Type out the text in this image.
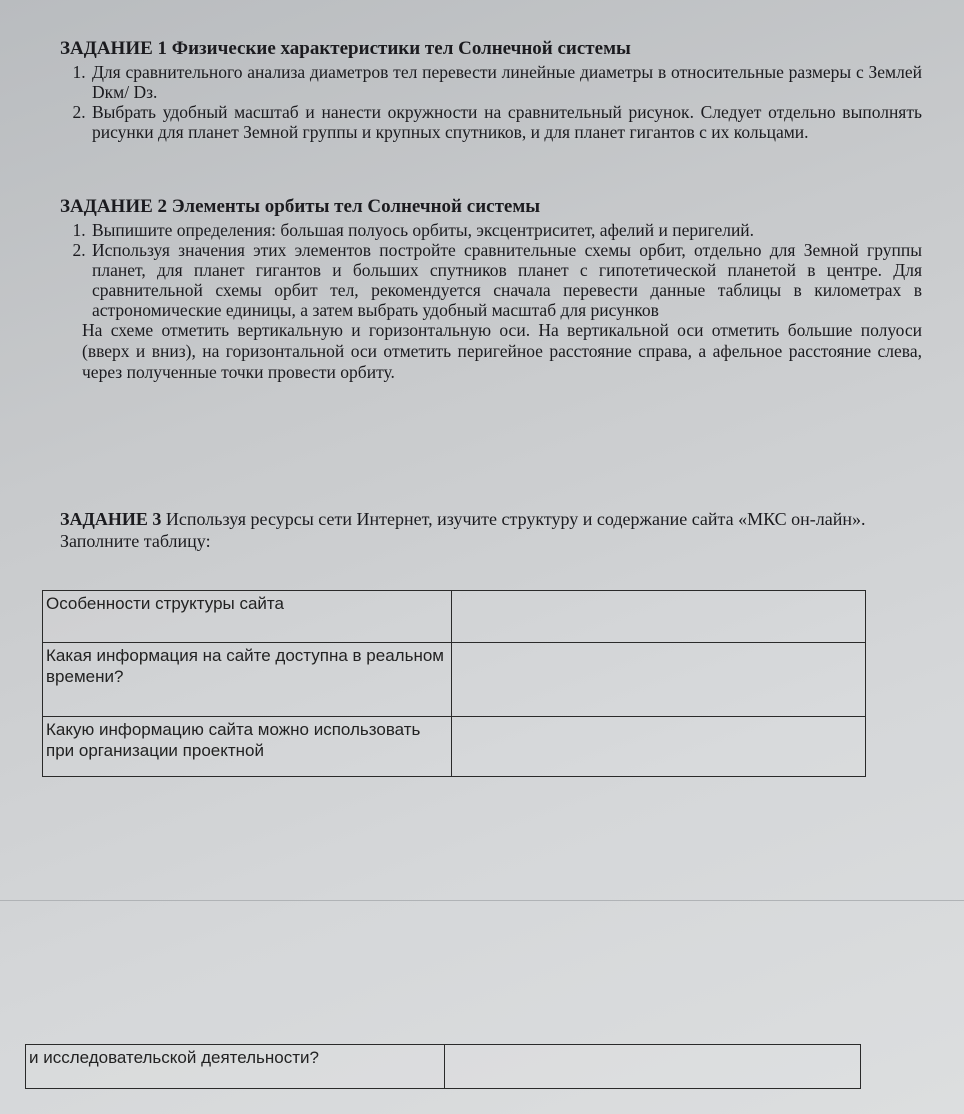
ЗАДАНИЕ 1 Физические характеристики тел Солнечной системы

1. Для сравнительного анализа диаметров тел перевести линейные диаметры в относительные размеры с Землей Dкм/ Dз.
2. Выбрать удобный масштаб и нанести окружности на сравнительный рисунок. Следует отдельно выполнять рисунки для планет Земной группы и крупных спутников, и для планет гигантов с их кольцами.

ЗАДАНИЕ 2 Элементы орбиты тел Солнечной системы

1. Выпишите определения: большая полуось орбиты, эксцентриситет, афелий и перигелий.
2. Используя значения этих элементов постройте сравнительные схемы орбит, отдельно для Земной группы планет, для планет гигантов и больших спутников планет с гипотетической планетой в центре. Для сравнительной схемы орбит тел, рекомендуется сначала перевести данные таблицы в километрах в астрономические единицы, а затем выбрать удобный масштаб для рисунков

На схеме отметить вертикальную и горизонтальную оси. На вертикальной оси отметить большие полуоси (вверх и вниз), на горизонтальной оси отметить перигейное расстояние справа, а афельное расстояние слева, через полученные точки провести орбиту.

ЗАДАНИЕ 3 Используя ресурсы сети Интернет, изучите структуру и содержание сайта «МКС он-лайн». Заполните таблицу:

Особенности структуры сайта	
Какая информация на сайте доступна в реальном времени?	
Какую информацию сайта можно использовать при организации проектной	
и исследовательской деятельности?	
